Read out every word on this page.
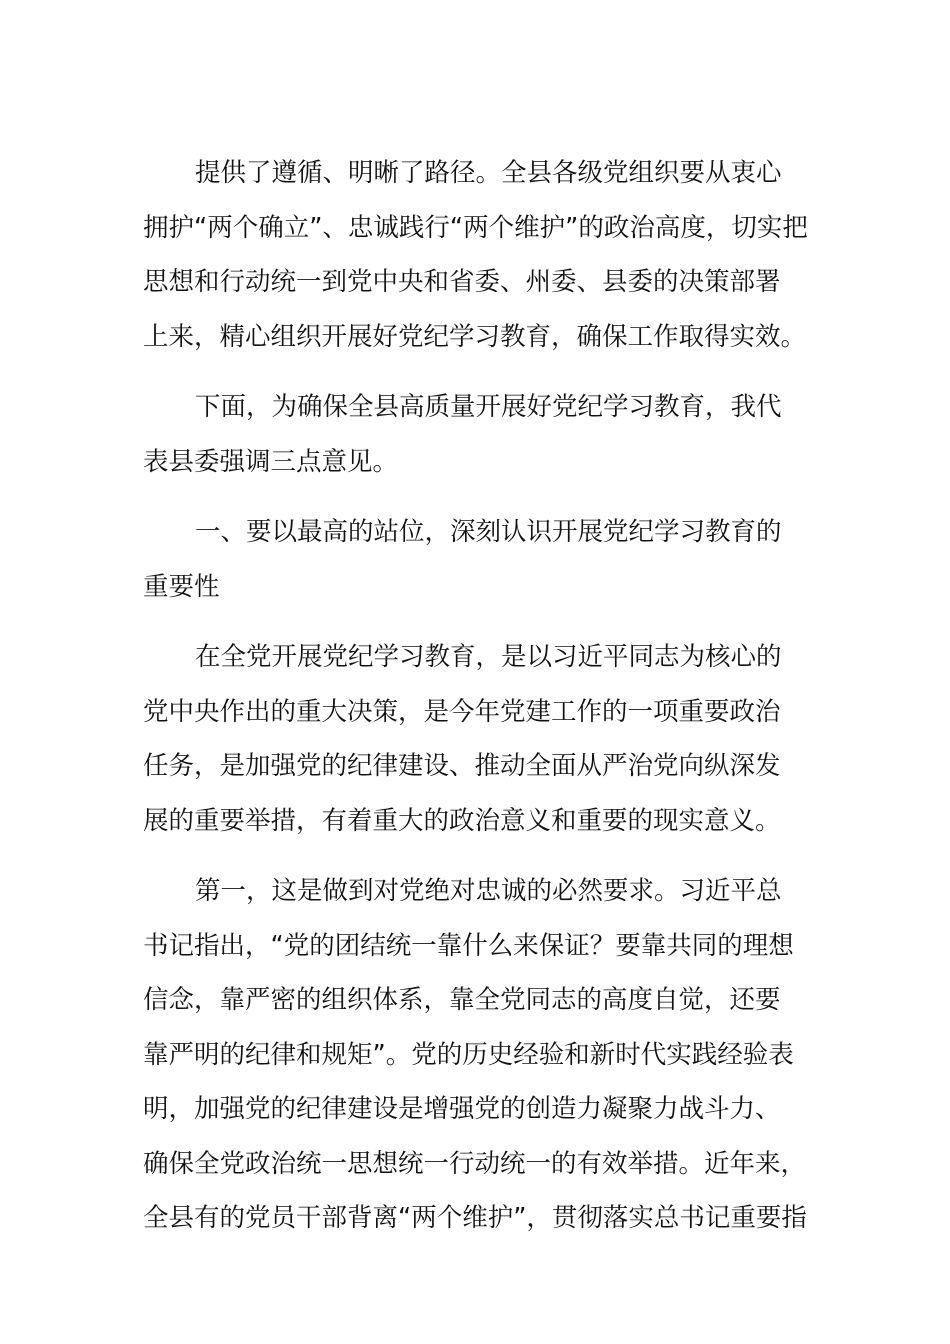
提供了遵循、明晰了路径。全县各级党组织要从衷心
拥护“两个确立”、忠诚践行“两个维护”的政治高度，切实把
思想和行动统一到党中央和省委、州委、县委的决策部署
上来，精心组织开展好党纪学习教育，确保工作取得实效。

下面，为确保全县高质量开展好党纪学习教育，我代
表县委强调三点意见。

一、要以最高的站位，深刻认识开展党纪学习教育的
重要性

在全党开展党纪学习教育，是以习近平同志为核心的
党中央作出的重大决策，是今年党建工作的一项重要政治
任务，是加强党的纪律建设、推动全面从严治党向纵深发
展的重要举措，有着重大的政治意义和重要的现实意义。

第一，这是做到对党绝对忠诚的必然要求。习近平总
书记指出，“党的团结统一靠什么来保证？要靠共同的理想
信念，靠严密的组织体系，靠全党同志的高度自觉，还要
靠严明的纪律和规矩”。党的历史经验和新时代实践经验表
明，加强党的纪律建设是增强党的创造力凝聚力战斗力、
确保全党政治统一思想统一行动统一的有效举措。近年来，
全县有的党员干部背离“两个维护”，贯彻落实总书记重要指
